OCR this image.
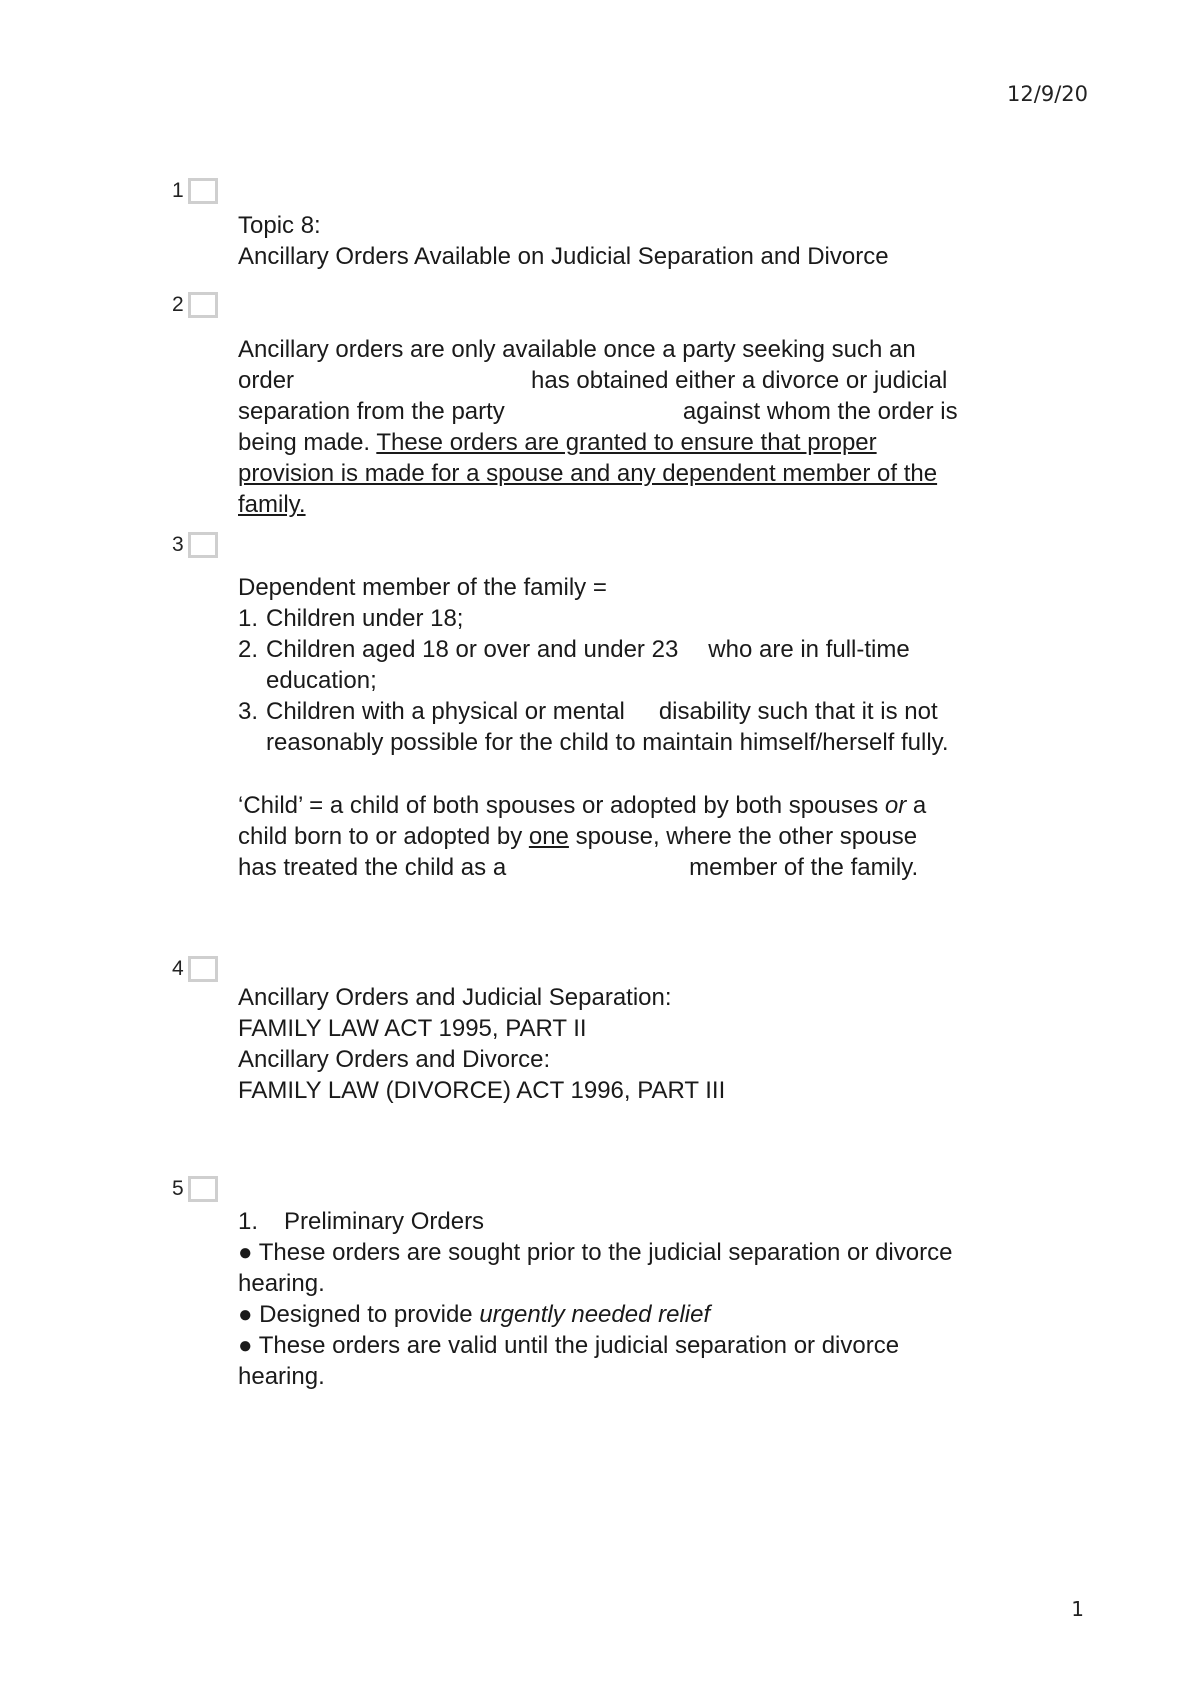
12/9/20
1

Topic 8:

Ancillary Orders Available on Judicial Separation and Divorce

2

Ancillary orders are only available once a party seeking such an

order	has obtained either a divorce or judicial

separation from the party	against whom the order is

being made. These orders are granted to ensure that proper

provision is made for a spouse and any dependent member of the

family.

3

Dependent member of the family =

1. Children under 18;
2. Children aged 18 or over and under 23 who are in full-time
education;
3. Children with a physical or mental disability such that it is not
reasonably possible for the child to maintain himself/herself fully.

‘Child’ = a child of both spouses or adopted by both spouses or a

child born to or adopted by one spouse, where the other spouse

has treated the child as a	member of the family.

4

Ancillary Orders and Judicial Separation:

FAMILY LAW ACT 1995, PART II

Ancillary Orders and Divorce:

FAMILY LAW (DIVORCE) ACT 1996, PART III

5

1. Preliminary Orders

● These orders are sought prior to the judicial separation or divorce

hearing.

● Designed to provide urgently needed relief

● These orders are valid until the judicial separation or divorce

hearing.

1
